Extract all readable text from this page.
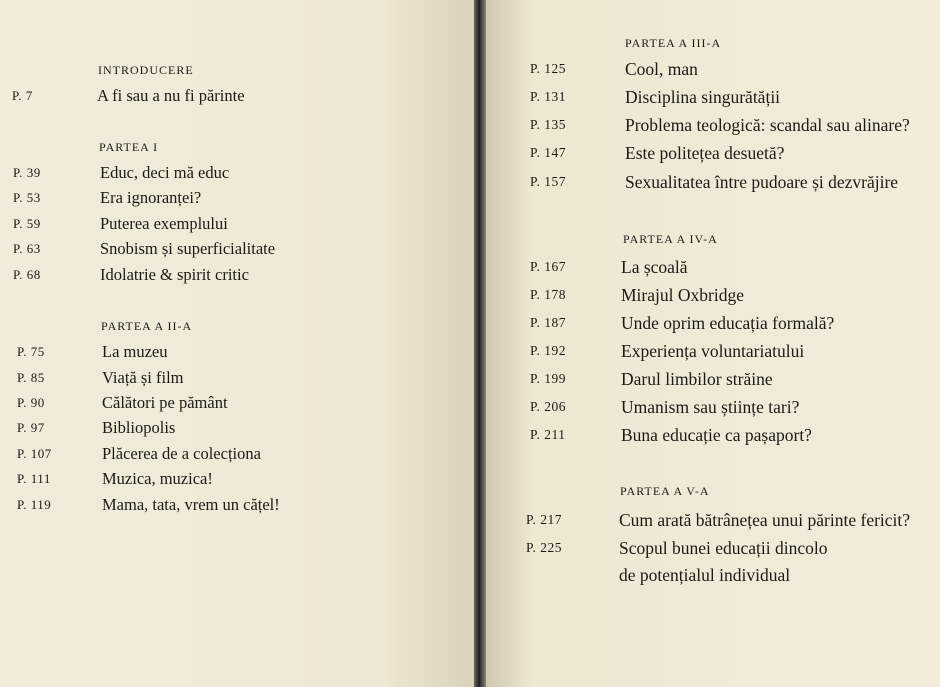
INTRODUCERE
P. 7	A fi sau a nu fi părinte
PARTEA I
P. 39	Educ, deci mă educ
P. 53	Era ignoranței?
P. 59	Puterea exemplului
P. 63	Snobism și superficialitate
P. 68	Idolatrie & spirit critic
PARTEA A II-A
P. 75	La muzeu
P. 85	Viață și film
P. 90	Călători pe pământ
P. 97	Bibliopolis
P. 107	Plăcerea de a colecționa
P. 111	Muzica, muzica!
P. 119	Mama, tata, vrem un cățel!
PARTEA A III-A
P. 125	Cool, man
P. 131	Disciplina singurătății
P. 135	Problema teologică: scandal sau alinare?
P. 147	Este politețea desuetă?
P. 157	Sexualitatea între pudoare și dezvrăjire
PARTEA A IV-A
P. 167	La școală
P. 178	Mirajul Oxbridge
P. 187	Unde oprim educația formală?
P. 192	Experiența voluntariatului
P. 199	Darul limbilor străine
P. 206	Umanism sau științe tari?
P. 211	Buna educație ca pașaport?
PARTEA A V-A
P. 217	Cum arată bătrânețea unui părinte fericit?
P. 225	Scopul bunei educații dincolo
de potențialul individual
